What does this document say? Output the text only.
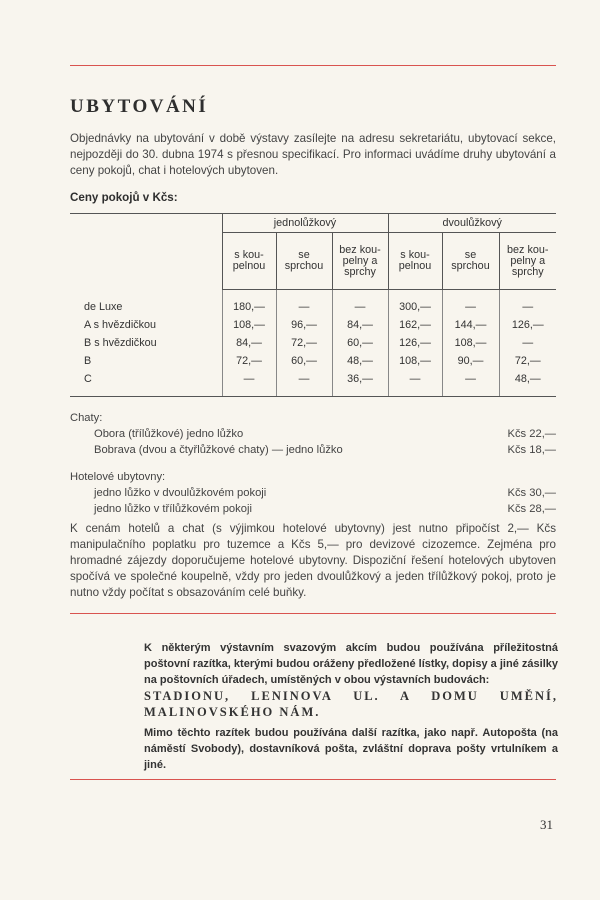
UBYTOVÁNÍ

Objednávky na ubytování v době výstavy zasílejte na adresu sekretariátu, ubytovací sekce, nejpozději do 30. dubna 1974 s přesnou specifikací. Pro informaci uvádíme druhy ubytování a ceny pokojů, chat i hotelových ubytoven.

Ceny pokojů v Kčs:
	jednolůžkový			dvoulůžkový		
	s kou- pelnou	se sprchou	bez kou- pelny a sprchy	s kou- pelnou	se sprchou	bez kou- pelny a sprchy
de Luxe	180,—	—	—	300,—	—	—
A s hvězdičkou	108,—	96,—	84,—	162,—	144,—	126,—
B s hvězdičkou	84,—	72,—	60,—	126,—	108,—	—
B	72,—	60,—	48,—	108,—	90,—	72,—
C	—	—	36,—	—	—	48,—
Chaty:
Obora (třílůžkové) jedno lůžko	Kčs 22,—
Bobrava (dvou a čtyřlůžkové chaty) — jedno lůžko	Kčs 18,—
Hotelové ubytovny:
jedno lůžko v dvoulůžkovém pokoji	Kčs 30,—
jedno lůžko v třílůžkovém pokoji	Kčs 28,—

K cenám hotelů a chat (s výjimkou hotelové ubytovny) jest nutno připočíst 2,— Kčs manipulačního poplatku pro tuzemce a Kčs 5,— pro devizové cizozemce. Zejména pro hromadné zájezdy doporučujeme hotelové ubytovny. Dispoziční řešení hotelových ubytoven spočívá ve společné koupelně, vždy pro jeden dvoulůžkový a jeden třílůžkový pokoj, proto je nutno vždy počítat s obsazováním celé buňky.

K některým výstavním svazovým akcím budou používána příležitostná poštovní razítka, kterými budou oráženy předložené lístky, dopisy a jiné zásilky na poštovních úřadech, umístěných v obou výstavních budovách:

STADIONU, LENINOVA UL. A DOMU UMĚNÍ, MALINOVSKÉHO NÁM.

Mimo těchto razítek budou používána další razítka, jako např. Autopošta (na náměstí Svobody), dostavníková pošta, zvláštní doprava pošty vrtulníkem a jiné.

31
